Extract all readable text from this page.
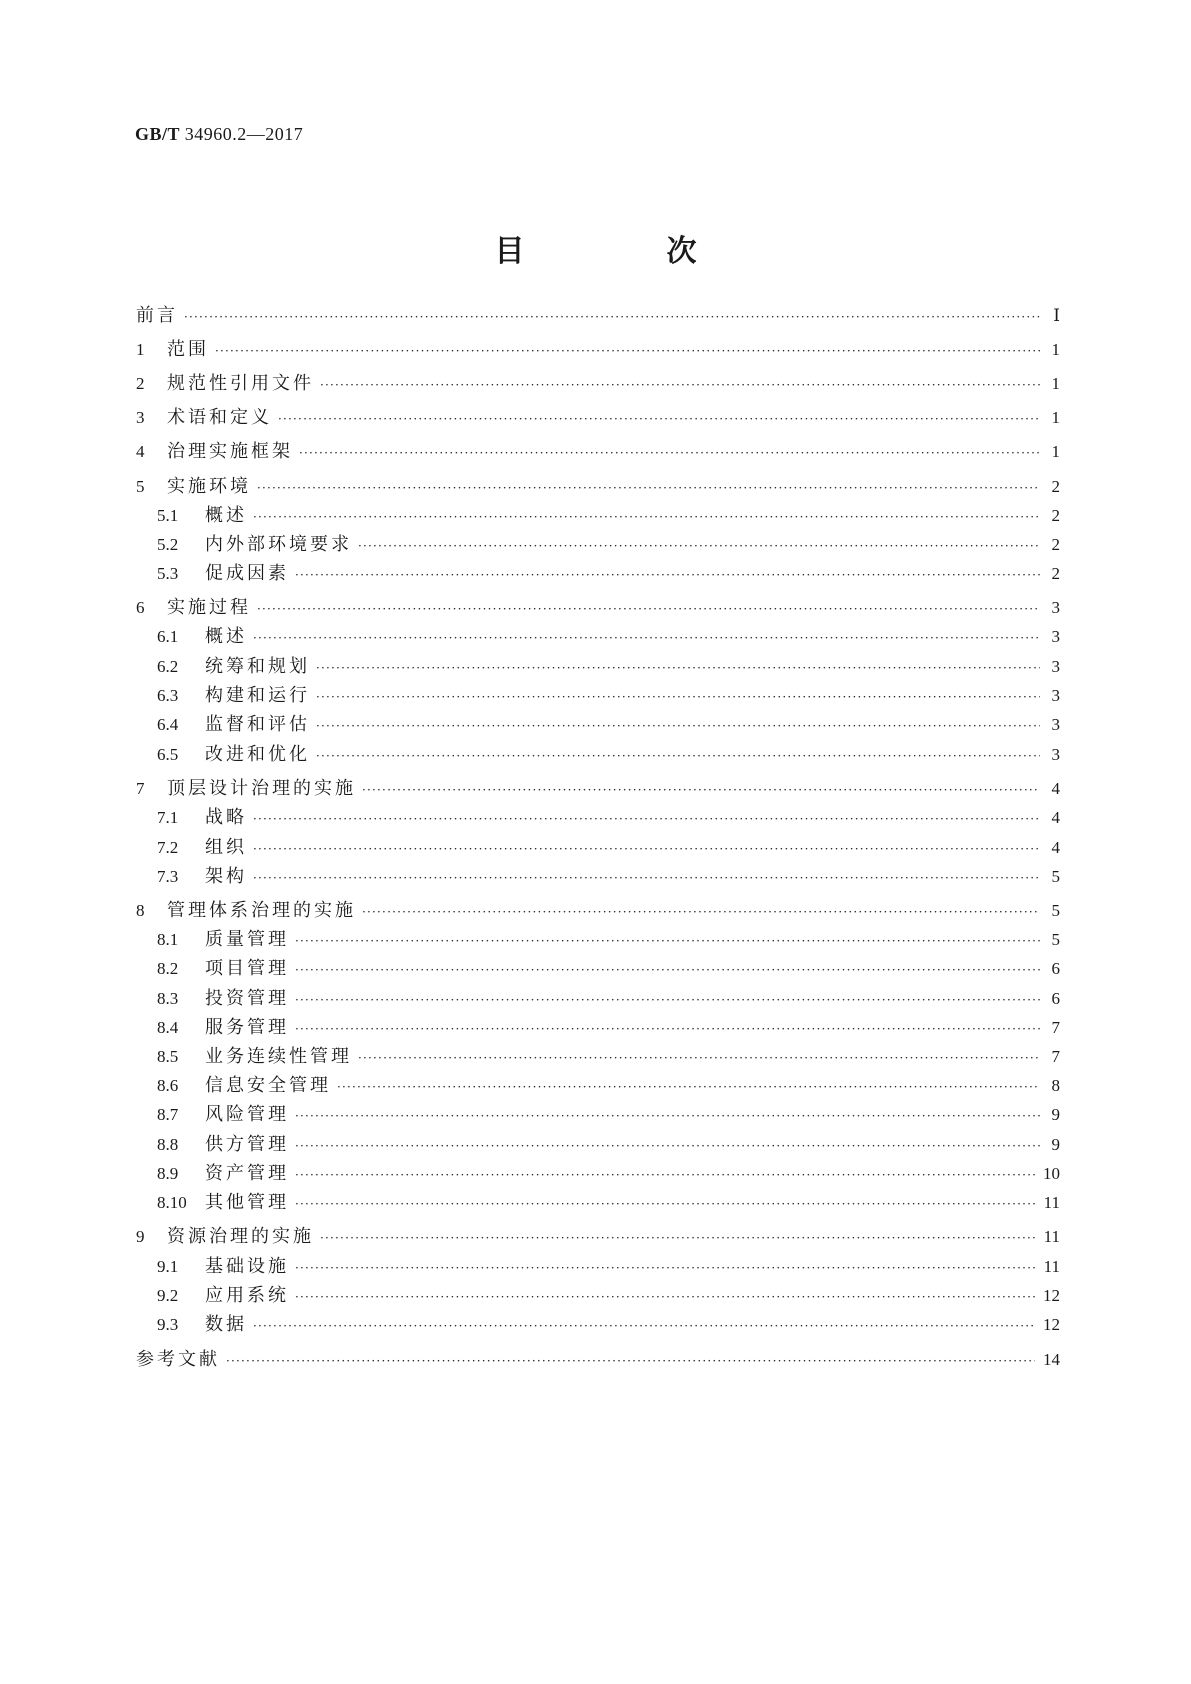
GB/T 34960.2—2017
目　次
前言 ·····	Ⅰ
1	范围 ·····	1
2	规范性引用文件 ·····	1
3	术语和定义 ·····	1
4	治理实施框架 ·····	1
5	实施环境 ·····	2
5.1	概述 ·····	2
5.2	内外部环境要求 ·····	2
5.3	促成因素 ·····	2
6	实施过程 ·····	3
6.1	概述 ·····	3
6.2	统筹和规划 ·····	3
6.3	构建和运行 ·····	3
6.4	监督和评估 ·····	3
6.5	改进和优化 ·····	3
7	顶层设计治理的实施 ·····	4
7.1	战略 ·····	4
7.2	组织 ·····	4
7.3	架构 ·····	5
8	管理体系治理的实施 ·····	5
8.1	质量管理 ·····	5
8.2	项目管理 ·····	6
8.3	投资管理 ·····	6
8.4	服务管理 ·····	7
8.5	业务连续性管理 ·····	7
8.6	信息安全管理 ·····	8
8.7	风险管理 ·····	9
8.8	供方管理 ·····	9
8.9	资产管理 ·····	10
8.10	其他管理 ·····	11
9	资源治理的实施 ·····	11
9.1	基础设施 ·····	11
9.2	应用系统 ·····	12
9.3	数据 ·····	12
参考文献 ·····	14
